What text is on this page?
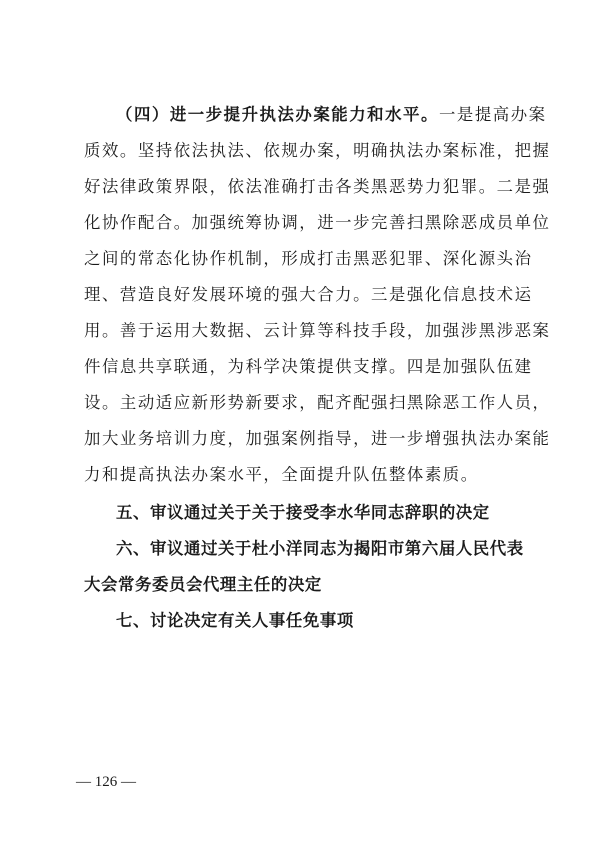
（四）进一步提升执法办案能力和水平。一是提高办案
质效。坚持依法执法、依规办案，明确执法办案标准，把握
好法律政策界限，依法准确打击各类黑恶势力犯罪。二是强
化协作配合。加强统筹协调，进一步完善扫黑除恶成员单位
之间的常态化协作机制，形成打击黑恶犯罪、深化源头治
理、营造良好发展环境的强大合力。三是强化信息技术运
用。善于运用大数据、云计算等科技手段，加强涉黑涉恶案
件信息共享联通，为科学决策提供支撑。四是加强队伍建
设。主动适应新形势新要求，配齐配强扫黑除恶工作人员，
加大业务培训力度，加强案例指导，进一步增强执法办案能
力和提高执法办案水平，全面提升队伍整体素质。
五、审议通过关于关于接受李水华同志辞职的决定
六、审议通过关于杜小洋同志为揭阳市第六届人民代表
大会常务委员会代理主任的决定
七、讨论决定有关人事任免事项
— 126 —
